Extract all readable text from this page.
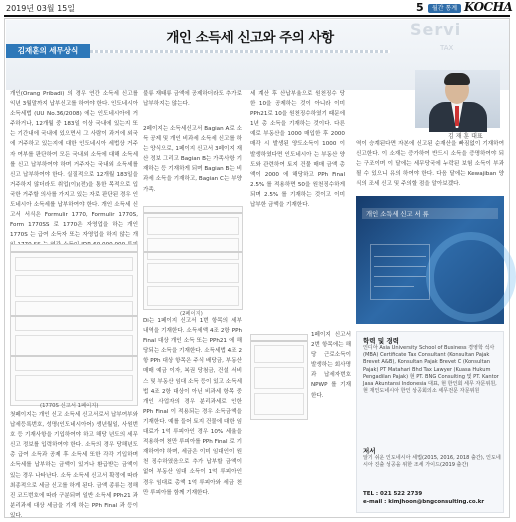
2019년 03월 15일	5	월간 통계 KOCHA
Servi
TAX
개인 소득세 신고와 주의 사항
김재훈의 세무상식
개인(Orang Pribadi) 의 경우 연간 소득세 신고를 익년 3월말까지 납부신고를 하여야 한다. 인도네시아 소득세법 (UU No.36/2008) 에는 인도네시아에 거주하거나, 12개월 중 183일 이상 국내에 있는지 또는 기간내에 국내에 있으면서 그 사람이 과거에 외국에 거주하고 있는지에 대한 인도네시아 세법상 거주자 여부를 판단하여 모든 국내외 소득에 대해 소득세를 신고 납부하여야 하며 거주자는 국내외 소득세를 신고 납부하여야 한다. 실질적으로 12개월 183일을 거주하지 않더라도 취업(이)(전)을 통한 목적으로 입국한 거주할 의사를 가지고 있는 자로 판단된 경우 인도네시아 소득세를 납부하여야 한다. 개인 소득세 신고서 서식은 Formulir 1770, Formulir 1770S, Form 1770SS 로 1770은 자영업을 하는 개인 1770S 는 급여 소득자 또는 자영업을 하지 않는 개
(1770S 신고서 1페이지)
첫페이지는 개인 신고 소득세 신고서로서 납부여부와 납세등록번호, 성명(인도네시아어) 생년월일, 사원번호 등 기재사항을 기입하여야 하고 해당 년도의 세무신고 정보를 입력하여야 한다. 소득의 경우 당해년도 총 급여 소득과 공제 후 소득세 또한 각각 기입하며 소득세를 납부하는 금액이 있거나 환급받는 금액이 있는 경우 나타난다. 소득 소득세 신고서 확정에 따라 최종적으로 세금 신고를 하게 된다. 금액 종류는 정해진 코드번호에 따라 구분되며 일반 소득세 PPh21 과 분리과세 대상 세금을 기재 하는 PPh Final 과 등이 있다.
불류 재태류 금액에 공제하더라도 추가로 납부하지는 않는다.
2페이지는 소득세신고서 Bagian A로 소득 공제 및 개인 비과세 소득세 신고를 하는 양식으로, 1페이지 신고서 3페이지 재산 정보 그리고 Bagian B는 가족사항 기재하는 등 기재하게 되며 Bagian B는 비과세 소득을 기재하고, Bagian C는 부양가족.
(2페이지)
Di는 1페이지 신고서 1번 항목의 세부 내역을 기재한다. 소득세액 4조 2항 PPh Final 대상 개인 소득 또는 PPh21 에 해당되는 소득을 기재한다. 소득세법 4조 2항 PPh 대상 항목은 주식 배당금, 부동산 매매 예금 이자, 복권 당첨금, 건설 서비스 및 부동산 임대 소득 등이 있고 소득세법 4조 2항 대상이 아닌 비과세 항목 중 개인 사업자의 경우 분리과세로 인한 PPh Final 이 적용되는 경우 소득금액을 기재한다. 예를 들어 토지 건물에 대한 임대료가 1억 루피아인 경우 10% 세율을 적용하여 천만 루피아를 PPh Final 로 기재하여야 하며, 세금은 이미 임대인이 원천 징수하였음으로 추가 납부할 금액이 없어 부동산 임대 소득이 1억 루피아인 경우 임대료 총액 1억 루피아와 세금 천만 루피아를 함께 기재한다.
세 계산 후 산납부율으로 원천징수 당한 10을 공제하는 것이 아니라 이미 PPh21로 10을 원천징수하였기 때문에 1년 총 소득을 기재하는 것이다. 다른 예로 부동산을 1000 매입한 후 2000 매각 시 발생된 양도소득이 1000 이 발생하였다면 인도네시아 는 부동산 양도와 관련하여 토지 건물 매매 금액 총액이 2000 에 해당하고 PPh Final 2.5% 를 적용하면 50을 원천징수하게 되며 2.5% 를 기재하는 것이고 이미 납부한 금액을 기재한다.
1페이지 신고서 2번 항목에는 해당 근로소득이 발생하는 회사명과 납세자번호 NPWP 를 기재한다.
김 재 훈 대표
역이 승계된다면 자본에 신고된 순재산을 빠짐없이 기재하여 신고한다. 이 소재는 증가하여 반드시 소득을 증명하여야 되는 구조이며 이 달에는 세무당국에 누락된 보험 소득이 부과될 수 있으니 유의 하여야 한다. 다음 달에는 Kewajiban 양식의 조세 신고 및 주의할 점을 알아보겠다.
개인 소득세 신고 서 류
학력 및 경력
인디아 Asia University School of Business 경영학 석사(MBA) Certificate Tax Consultant (Konsultan Pajak Brevet A&B), Konsultan Pajak Brevet C (Konsultan Pajak) PT Matahari Bhd Tax Lawyer (Kuasa Hukum Pengadilan Pajak) 현 PT. BNG Consulting 및 PT. Kantor Jasa Akuntansi Indonesia 대표, 현 한인회 세무 자문위원, 현 재인도네시아 한인 상공회의소 세무전문 자문위원
저서
알기 쉬운 인도네시아 세법(2015, 2016, 2018 출간), 인도네시아 진출 성공을 위한 조세 가이드(2019 출간)
TEL : 021 522 2739
e-mail : kimjhoon@bngconsulting.co.kr
